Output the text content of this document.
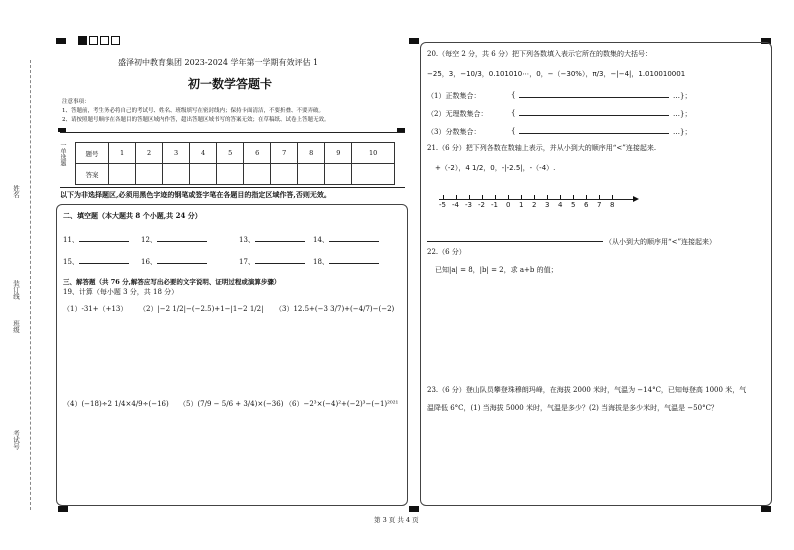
姓名
装订线
班级
考试号
盛泽初中教育集团 2023-2024 学年第一学期有效评估 1
初一数学答题卡
注意事项：
1、答题前，考生务必将自己的考试号、姓名、班级填写在密封线内；保持卡面清洁，不要折叠、不要弄破。
2、请按照题号顺序在各题目的答题区域内作答，超出答题区域书写的答案无效；在草稿纸、试卷上答题无效。
一单选题	题号	1	2	3	4	5	6	7	8	9	10
答案										
以下为非选择题区,必须用黑色字迹的钢笔或签字笔在各题目的指定区域作答,否则无效。
二、填空题（本大题共 8 个小题,共 24 分）
11、	12、	13、	14、
15、	16、	17、	18、
三、解答题（共 76 分,解答应写出必要的文字说明、证明过程或演算步骤）
19、计算（每小题 3 分，共 18 分）
（1）-31+（+13） （2）|−2 1/2|−(−2.5)+1−|1−2 1/2| （3）12.5+(−3 3/7)+(−4/7)−(−2)
（4）(−18)÷2 1/4×4/9÷(−16) （5）(7/9 − 5/6 + 3/4)×(−36) （6）−2³×(−4)²+(−2)³−(−1)²⁰²¹
20.（每空 2 分，共 6 分）把下列各数填入表示它所在的数集的大括号：
−25，3，−10/3，0.101010⋯，0，−（−30%），π/3，−|−4|，1.010010001
（1）正数集合：	{	…}；
（2）无理数集合：	{	…}；
（3）分数集合：	{	…}；
21.（6 分）把下列各数在数轴上表示，并从小到大的顺序用“<”连接起来.
+（-2），4 1/2，0，-|-2.5|，-（-4）.
-5 -4 -3 -2 -1 0 1 2 3 4 5 6 7 8
（从小到大的顺序用“<”连接起来）
22.（6 分）
已知|a| = 8，|b| = 2，求 a+b 的值；
23.（6 分）登山队员攀登珠穆朗玛峰，在海拔 2000 米时，气温为 −14°C，已知每登高 1000 米，气
温降低 6°C，(1) 当海拔 5000 米时，气温是多少？(2) 当海拔是多少米时，气温是 −50°C？
第 3 页 共 4 页
